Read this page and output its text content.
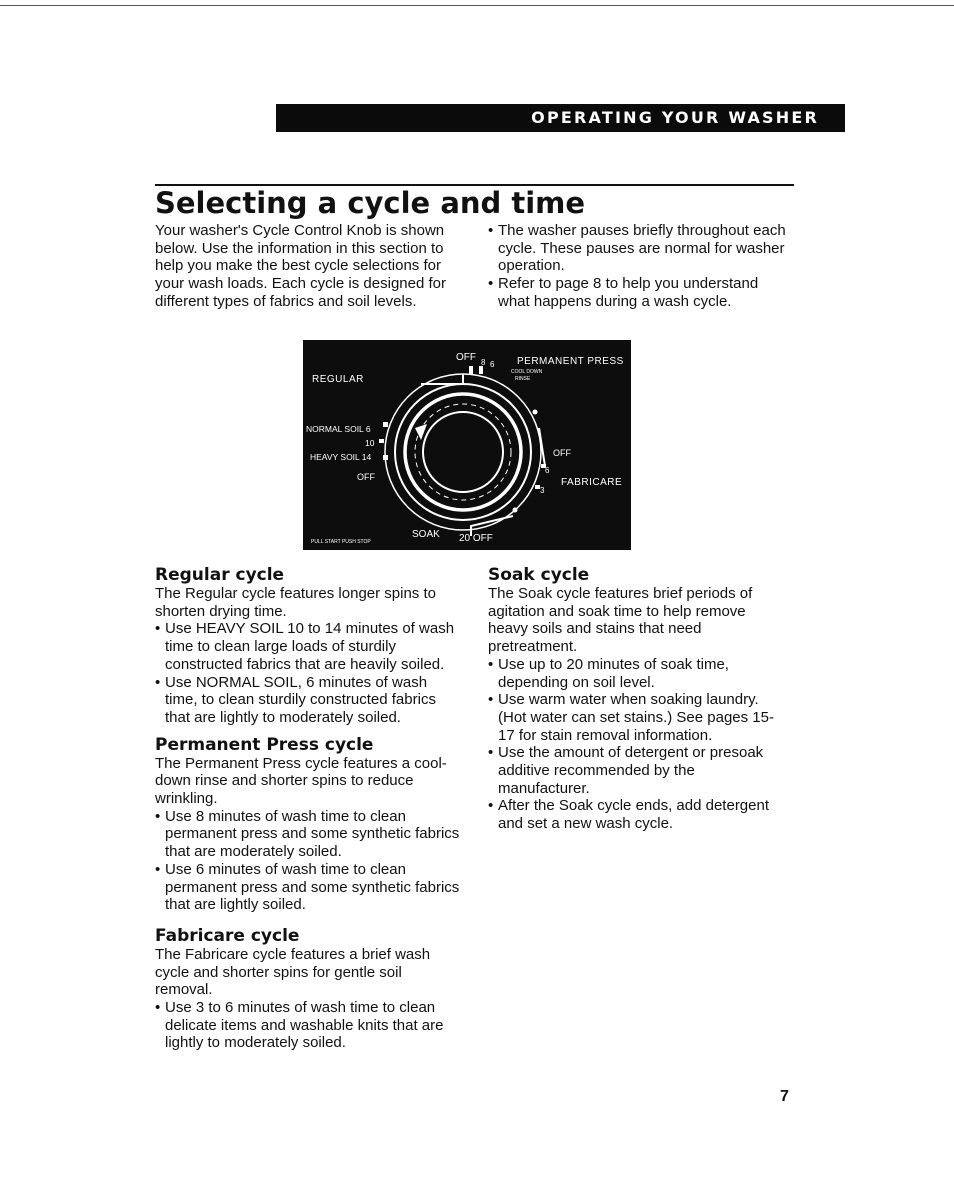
OPERATING YOUR WASHER
Selecting a cycle and time

Your washer's Cycle Control Knob is shown below. Use the information in this section to help you make the best cycle selections for your wash loads. Each cycle is designed for different types of fabrics and soil levels.

• The washer pauses briefly throughout each cycle. These pauses are normal for washer operation.

• Refer to page 8 to help you understand what happens during a wash cycle.

REGULAR
OFF 8 6 PERMANENT PRESS
COOL DOWN
RINSE
NORMAL SOIL 6
10
HEAVY SOIL 14
OFF
OFF
6
3
FABRICARE
PULL START PUSH STOP
SOAK 20 OFF
Regular cycle

The Regular cycle features longer spins to shorten drying time.

• Use HEAVY SOIL 10 to 14 minutes of wash time to clean large loads of sturdily constructed fabrics that are heavily soiled.

• Use NORMAL SOIL, 6 minutes of wash time, to clean sturdily constructed fabrics that are lightly to moderately soiled.

Permanent Press cycle

The Permanent Press cycle features a cool-down rinse and shorter spins to reduce wrinkling.

• Use 8 minutes of wash time to clean permanent press and some synthetic fabrics that are moderately soiled.

• Use 6 minutes of wash time to clean permanent press and some synthetic fabrics that are lightly soiled.

Fabricare cycle

The Fabricare cycle features a brief wash cycle and shorter spins for gentle soil removal.

• Use 3 to 6 minutes of wash time to clean delicate items and washable knits that are lightly to moderately soiled.

Soak cycle

The Soak cycle features brief periods of agitation and soak time to help remove heavy soils and stains that need pretreatment.

• Use up to 20 minutes of soak time, depending on soil level.

• Use warm water when soaking laundry. (Hot water can set stains.) See pages 15-17 for stain removal information.

• Use the amount of detergent or presoak additive recommended by the manufacturer.

• After the Soak cycle ends, add detergent and set a new wash cycle.

7
